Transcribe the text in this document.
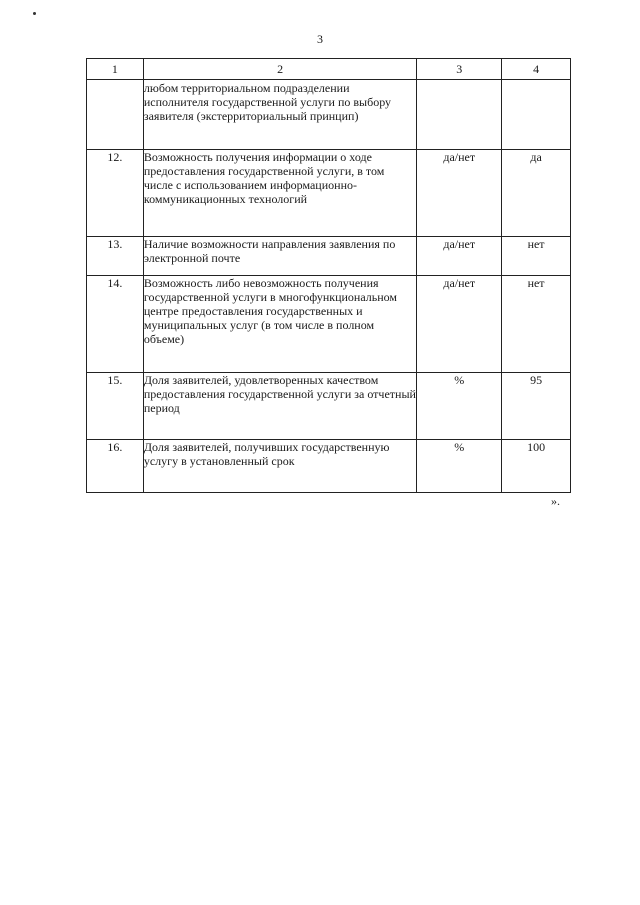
3
1	2	3	4
	любом территориальном подразделении исполнителя государственной услуги по выбору заявителя (экстерриториальный принцип)		
12.	Возможность получения информации о ходе предоставления государственной услуги, в том числе с использованием информационно-коммуникационных технологий	да/нет	да
13.	Наличие возможности направления заявления по электронной почте	да/нет	нет
14.	Возможность либо невозможность получения государственной услуги в многофункциональном центре предоставления государственных и муниципальных услуг (в том числе в полном объеме)	да/нет	нет
15.	Доля заявителей, удовлетворенных качеством предоставления государственной услуги за отчетный период	%	95
16.	Доля заявителей, получивших государственную услугу в установленный срок	%	100
».
